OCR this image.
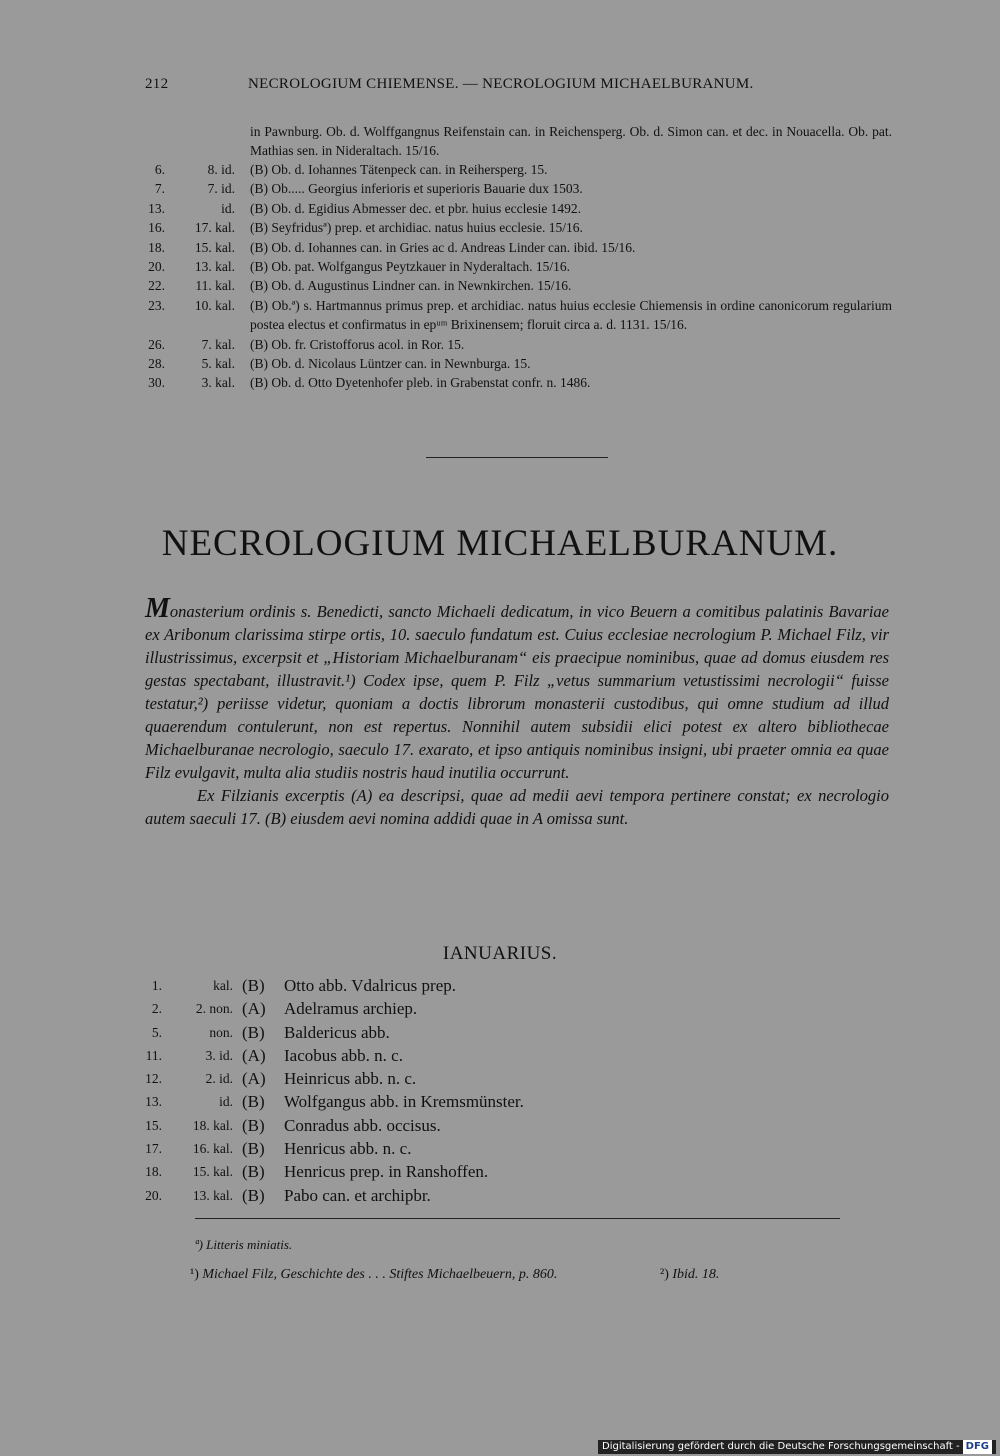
212	NECROLOGIUM CHIEMENSE. — NECROLOGIUM MICHAELBURANUM.
in Pawnburg. Ob. d. Wolffgangnus Reifenstain can. in Reichensperg. Ob. d. Simon can. et dec. in Nouacella. Ob. pat. Mathias sen. in Nideraltach. 15/16.
6.	8. id. (B) Ob. d. Iohannes Tätenpeck can. in Reihersperg. 15.
7.	7. id. (B) Ob..... Georgius inferioris et superioris Bauarie dux 1503.
13.	id. (B) Ob. d. Egidius Abmesser dec. et pbr. huius ecclesie 1492.
16.	17. kal. (B) Seyfridusª) prep. et archidiac. natus huius ecclesie. 15/16.
18.	15. kal. (B) Ob. d. Iohannes can. in Gries ac d. Andreas Linder can. ibid. 15/16.
20.	13. kal. (B) Ob. pat. Wolfgangus Peytzkauer in Nyderaltach. 15/16.
22.	11. kal. (B) Ob. d. Augustinus Lindner can. in Newnkirchen. 15/16.
23.	10. kal. (B) Ob.ª) s. Hartmannus primus prep. et archidiac. natus huius ecclesie Chiemensis in ordine canonicorum regularium postea electus et confirmatus in epᵘᵐ Brixinensem; floruit circa a. d. 1131. 15/16.
26.	7. kal. (B) Ob. fr. Cristofforus acol. in Ror. 15.
28.	5. kal. (B) Ob. d. Nicolaus Lüntzer can. in Newnburga. 15.
30.	3. kal. (B) Ob. d. Otto Dyetenhofer pleb. in Grabenstat confr. n. 1486.
NECROLOGIUM MICHAELBURANUM.

Monasterium ordinis s. Benedicti, sancto Michaeli dedicatum, in vico Beuern a comitibus palatinis Bavariae ex Aribonum clarissima stirpe ortis, 10. saeculo fundatum est. Cuius ecclesiae necrologium P. Michael Filz, vir illustrissimus, excerpsit et „Historiam Michaelburanam“ eis praecipue nominibus, quae ad domus eiusdem res gestas spectabant, illustravit.¹) Codex ipse, quem P. Filz „vetus summarium vetustissimi necrologii“ fuisse testatur,²) periisse videtur, quoniam a doctis librorum monasterii custodibus, qui omne studium ad illud quaerendum contulerunt, non est repertus. Nonnihil autem subsidii elici potest ex altero bibliothecae Michaelburanae necrologio, saeculo 17. exarato, et ipso antiquis nominibus insigni, ubi praeter omnia ea quae Filz evulgavit, multa alia studiis nostris haud inutilia occurrunt.

Ex Filzianis excerptis (A) ea descripsi, quae ad medii aevi tempora pertinere constat; ex necrologio autem saeculi 17. (B) eiusdem aevi nomina addidi quae in A omissa sunt.

IANUARIUS.
1.	kal. (B) Otto abb. Vdalricus prep.
2.	2. non. (A) Adelramus archiep.
5.	non. (B) Baldericus abb.
11.	3. id. (A) Iacobus abb. n. c.
12.	2. id. (A) Heinricus abb. n. c.
13.	id. (B) Wolfgangus abb. in Kremsmünster.
15.	18. kal. (B) Conradus abb. occisus.
17.	16. kal. (B) Henricus abb. n. c.
18.	15. kal. (B) Henricus prep. in Ranshoffen.
20.	13. kal. (B) Pabo can. et archipbr.
ª) Litteris miniatis.
¹) Michael Filz, Geschichte des . . . Stiftes Michaelbeuern, p. 860.	²) Ibid. 18.
Digitalisierung gefördert durch die Deutsche Forschungsgemeinschaft - DFG
